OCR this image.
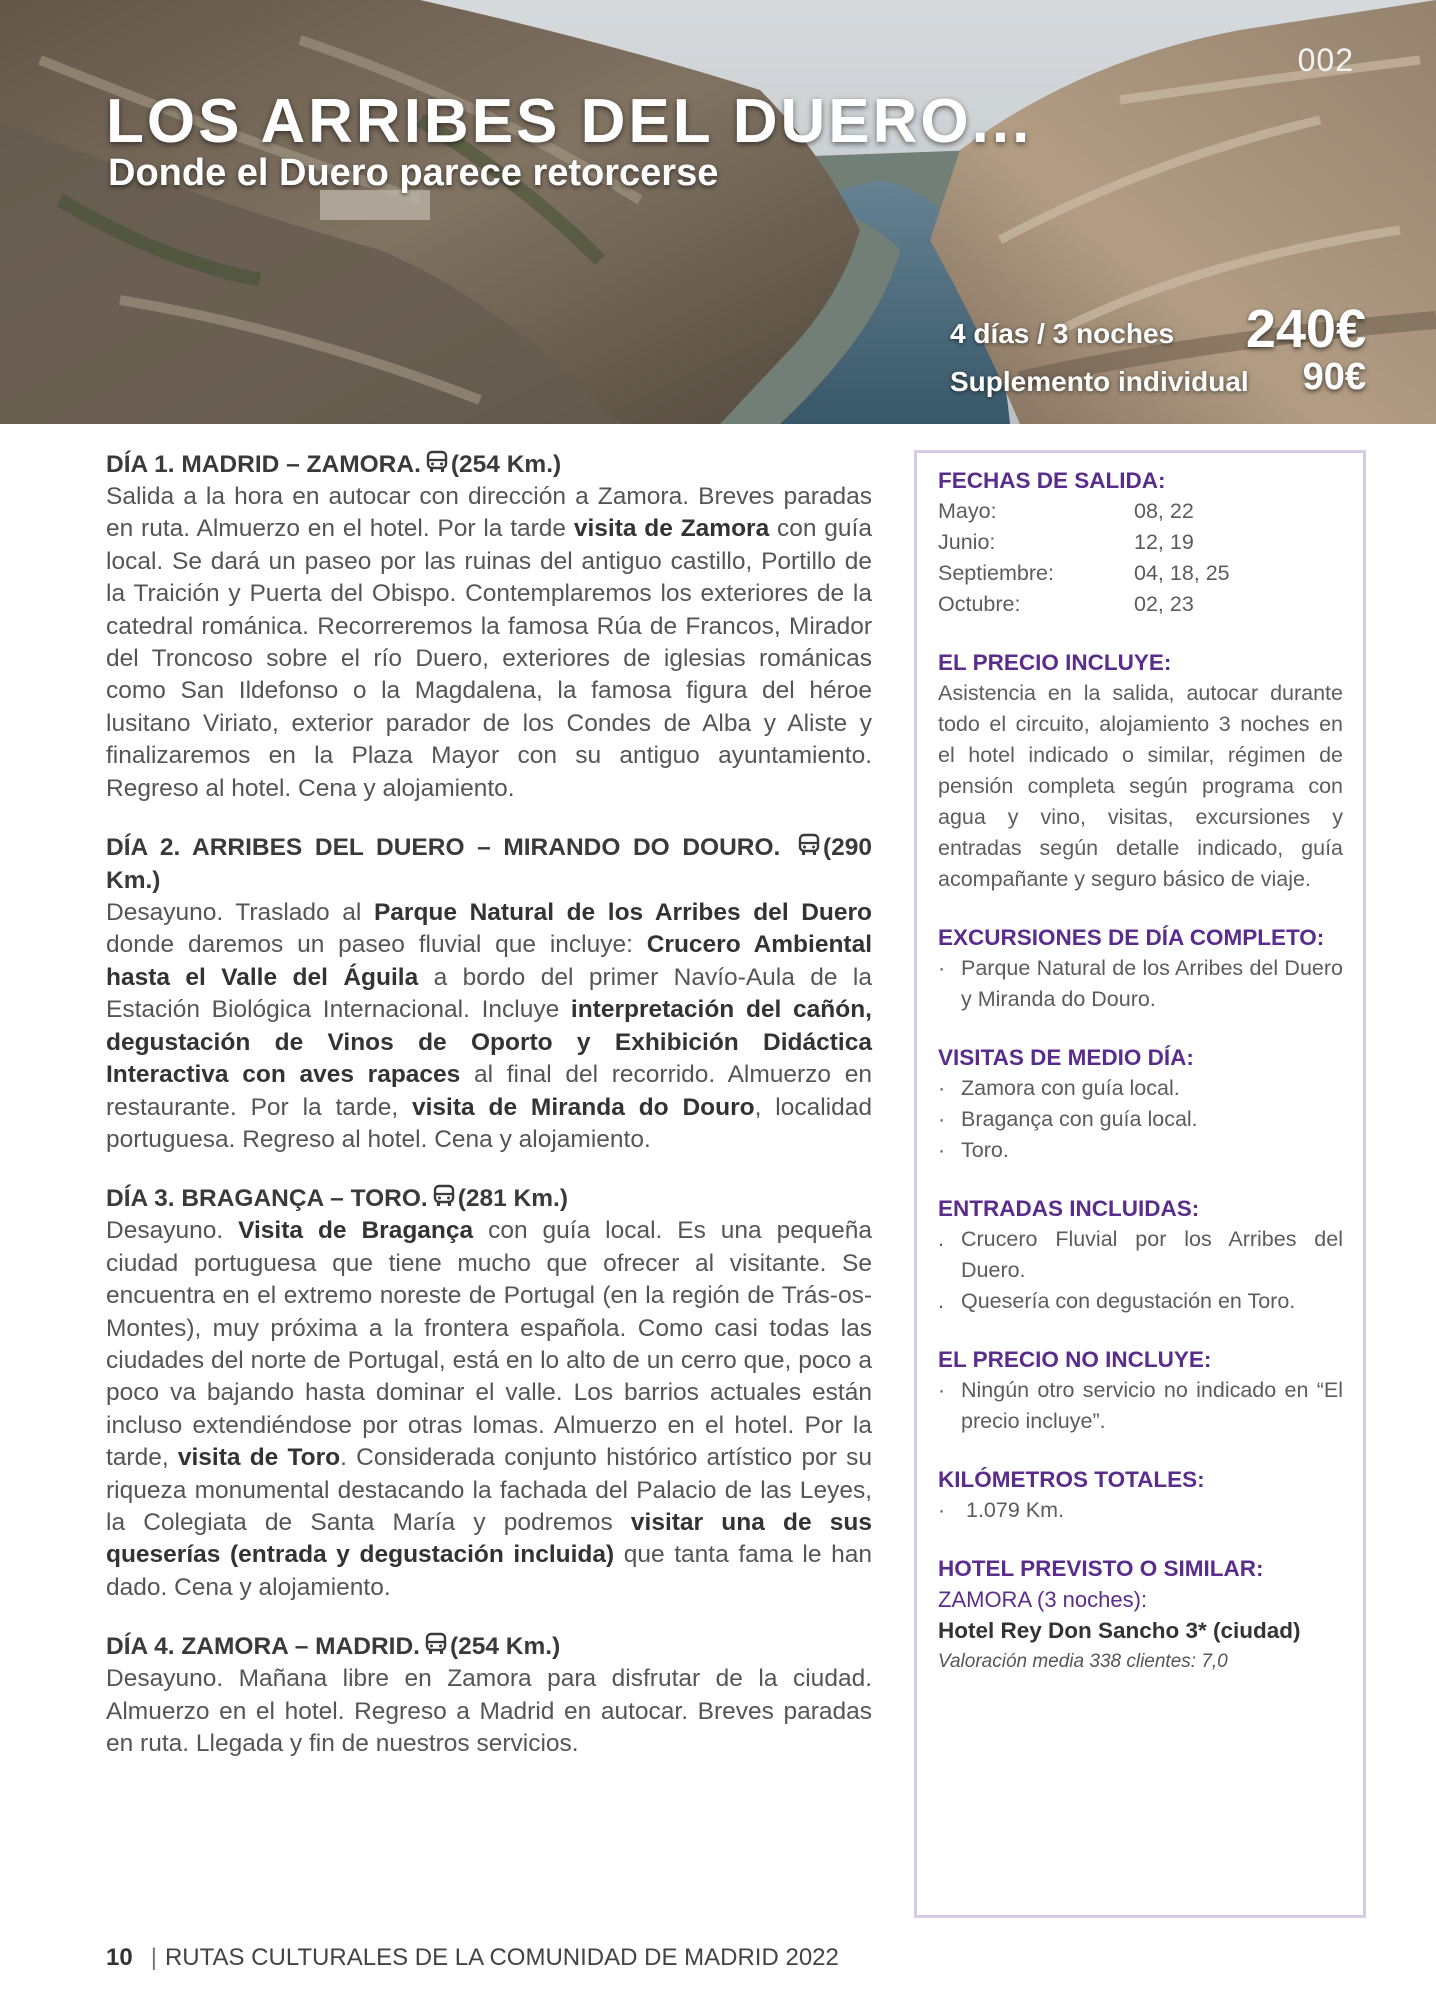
002
LOS ARRIBES DEL DUERO...
Donde el Duero parece retorcerse
4 días / 3 noches 240€
Suplemento individual 90€
DÍA 1. MADRID – ZAMORA. (254 Km.)

Salida a la hora en autocar con dirección a Zamora. Breves paradas en ruta. Almuerzo en el hotel. Por la tarde visita de Zamora con guía local. Se dará un paseo por las ruinas del antiguo castillo, Portillo de la Traición y Puerta del Obispo. Contemplaremos los exteriores de la catedral románica. Recorreremos la famosa Rúa de Francos, Mirador del Troncoso sobre el río Duero, exteriores de iglesias románicas como San Ildefonso o la Magdalena, la famosa figura del héroe lusitano Viriato, exterior parador de los Condes de Alba y Aliste y finalizaremos en la Plaza Mayor con su antiguo ayuntamiento. Regreso al hotel. Cena y alojamiento.

DÍA 2. ARRIBES DEL DUERO – MIRANDO DO DOURO. (290 Km.)

Desayuno. Traslado al Parque Natural de los Arribes del Duero donde daremos un paseo fluvial que incluye: Crucero Ambiental hasta el Valle del Águila a bordo del primer Navío-Aula de la Estación Biológica Internacional. Incluye interpretación del cañón, degustación de Vinos de Oporto y Exhibición Didáctica Interactiva con aves rapaces al final del recorrido. Almuerzo en restaurante. Por la tarde, visita de Miranda do Douro, localidad portuguesa. Regreso al hotel. Cena y alojamiento.

DÍA 3. BRAGANÇA – TORO. (281 Km.)

Desayuno. Visita de Bragança con guía local. Es una pequeña ciudad portuguesa que tiene mucho que ofrecer al visitante. Se encuentra en el extremo noreste de Portugal (en la región de Trás-os-Montes), muy próxima a la frontera española. Como casi todas las ciudades del norte de Portugal, está en lo alto de un cerro que, poco a poco va bajando hasta dominar el valle. Los barrios actuales están incluso extendiéndose por otras lomas. Almuerzo en el hotel. Por la tarde, visita de Toro. Considerada conjunto histórico artístico por su riqueza monumental destacando la fachada del Palacio de las Leyes, la Colegiata de Santa María y podremos visitar una de sus queserías (entrada y degustación incluida) que tanta fama le han dado. Cena y alojamiento.

DÍA 4. ZAMORA – MADRID. (254 Km.)

Desayuno. Mañana libre en Zamora para disfrutar de la ciudad. Almuerzo en el hotel. Regreso a Madrid en autocar. Breves paradas en ruta. Llegada y fin de nuestros servicios.

FECHAS DE SALIDA:
Mayo:	08, 22
Junio:	12, 19
Septiembre:	04, 18, 25
Octubre:	02, 23
EL PRECIO INCLUYE:
Asistencia en la salida, autocar durante todo el circuito, alojamiento 3 noches en el hotel indicado o similar, régimen de pensión completa según programa con agua y vino, visitas, excursiones y entradas según detalle indicado, guía acompañante y seguro básico de viaje.
EXCURSIONES DE DÍA COMPLETO:
· Parque Natural de los Arribes del Duero y Miranda do Douro.
VISITAS DE MEDIO DÍA:
· Zamora con guía local.
· Bragança con guía local.
· Toro.
ENTRADAS INCLUIDAS:
. Crucero Fluvial por los Arribes del Duero.
. Quesería con degustación en Toro.
EL PRECIO NO INCLUYE:
· Ningún otro servicio no indicado en “El precio incluye”.
KILÓMETROS TOTALES:
· 1.079 Km.
HOTEL PREVISTO O SIMILAR:
ZAMORA (3 noches):
Hotel Rey Don Sancho 3* (ciudad)
Valoración media 338 clientes: 7,0
10 | RUTAS CULTURALES DE LA COMUNIDAD DE MADRID 2022
